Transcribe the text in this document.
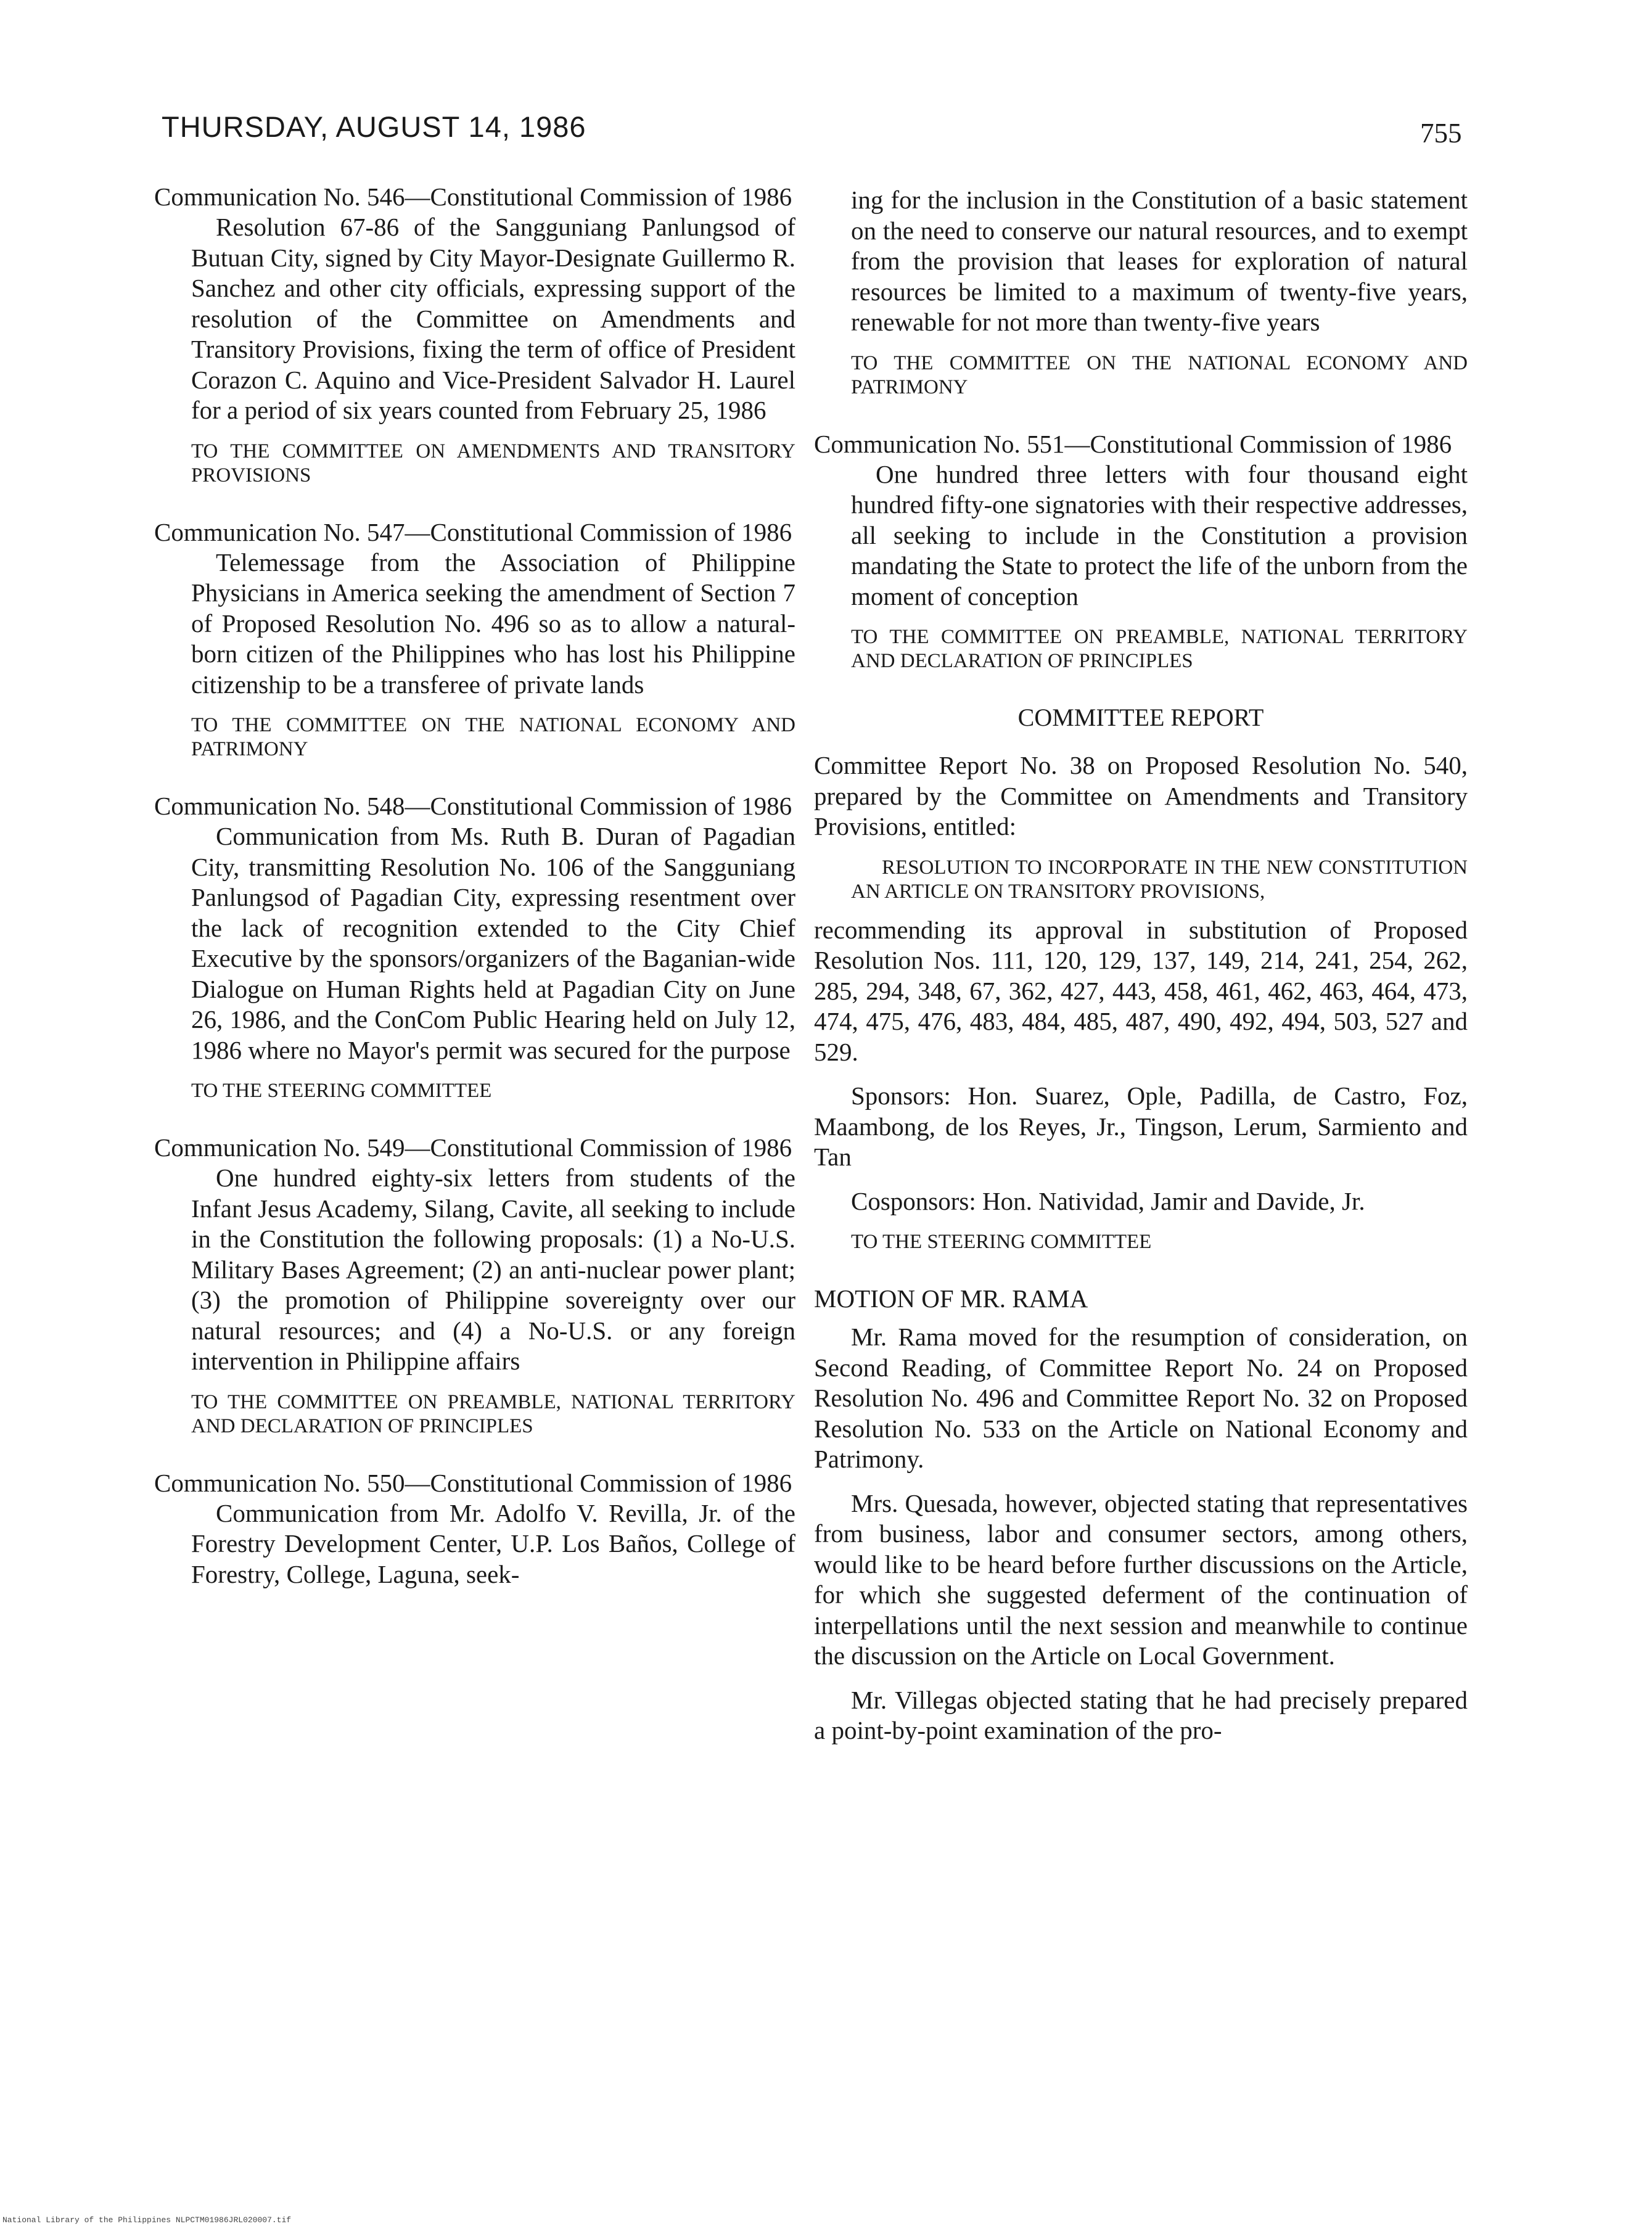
THURSDAY, AUGUST 14, 1986	755

Communication No. 546—Constitutional Commission of 1986

Resolution 67-86 of the Sangguniang Panlungsod of Butuan City, signed by City Mayor-Designate Guillermo R. Sanchez and other city officials, expressing support of the resolution of the Committee on Amendments and Transitory Provisions, fixing the term of office of President Corazon C. Aquino and Vice-President Salvador H. Laurel for a period of six years counted from February 25, 1986

TO THE COMMITTEE ON AMENDMENTS AND TRANSITORY PROVISIONS

Communication No. 547—Constitutional Commission of 1986

Telemessage from the Association of Philippine Physicians in America seeking the amendment of Section 7 of Proposed Resolution No. 496 so as to allow a natural-born citizen of the Philippines who has lost his Philippine citizenship to be a transferee of private lands

TO THE COMMITTEE ON THE NATIONAL ECONOMY AND PATRIMONY

Communication No. 548—Constitutional Commission of 1986

Communication from Ms. Ruth B. Duran of Pagadian City, transmitting Resolution No. 106 of the Sangguniang Panlungsod of Pagadian City, expressing resentment over the lack of recognition extended to the City Chief Executive by the sponsors/organizers of the Baganian-wide Dialogue on Human Rights held at Pagadian City on June 26, 1986, and the ConCom Public Hearing held on July 12, 1986 where no Mayor's permit was secured for the purpose

TO THE STEERING COMMITTEE

Communication No. 549—Constitutional Commission of 1986

One hundred eighty-six letters from students of the Infant Jesus Academy, Silang, Cavite, all seeking to include in the Constitution the following proposals: (1) a No-U.S. Military Bases Agreement; (2) an anti-nuclear power plant; (3) the promotion of Philippine sovereignty over our natural resources; and (4) a No-U.S. or any foreign intervention in Philippine affairs

TO THE COMMITTEE ON PREAMBLE, NATIONAL TERRITORY AND DECLARATION OF PRINCIPLES

Communication No. 550—Constitutional Commission of 1986

Communication from Mr. Adolfo V. Revilla, Jr. of the Forestry Development Center, U.P. Los Baños, College of Forestry, College, Laguna, seek-

ing for the inclusion in the Constitution of a basic statement on the need to conserve our natural resources, and to exempt from the provision that leases for exploration of natural resources be limited to a maximum of twenty-five years, renewable for not more than twenty-five years

TO THE COMMITTEE ON THE NATIONAL ECONOMY AND PATRIMONY

Communication No. 551—Constitutional Commission of 1986

One hundred three letters with four thousand eight hundred fifty-one signatories with their respective addresses, all seeking to include in the Constitution a provision mandating the State to protect the life of the unborn from the moment of conception

TO THE COMMITTEE ON PREAMBLE, NATIONAL TERRITORY AND DECLARATION OF PRINCIPLES

COMMITTEE REPORT

Committee Report No. 38 on Proposed Resolution No. 540, prepared by the Committee on Amendments and Transitory Provisions, entitled:

RESOLUTION TO INCORPORATE IN THE NEW CONSTITUTION AN ARTICLE ON TRANSITORY PROVISIONS,

recommending its approval in substitution of Proposed Resolution Nos. 111, 120, 129, 137, 149, 214, 241, 254, 262, 285, 294, 348, 67, 362, 427, 443, 458, 461, 462, 463, 464, 473, 474, 475, 476, 483, 484, 485, 487, 490, 492, 494, 503, 527 and 529.

Sponsors: Hon. Suarez, Ople, Padilla, de Castro, Foz, Maambong, de los Reyes, Jr., Tingson, Lerum, Sarmiento and Tan

Cosponsors: Hon. Natividad, Jamir and Davide, Jr.

TO THE STEERING COMMITTEE

MOTION OF MR. RAMA

Mr. Rama moved for the resumption of consideration, on Second Reading, of Committee Report No. 24 on Proposed Resolution No. 496 and Committee Report No. 32 on Proposed Resolution No. 533 on the Article on National Economy and Patrimony.

Mrs. Quesada, however, objected stating that representatives from business, labor and consumer sectors, among others, would like to be heard before further discussions on the Article, for which she suggested deferment of the continuation of interpellations until the next session and meanwhile to continue the discussion on the Article on Local Government.

Mr. Villegas objected stating that he had precisely prepared a point-by-point examination of the pro-

National Library of the Philippines NLPCTM01986JRL020007.tif
